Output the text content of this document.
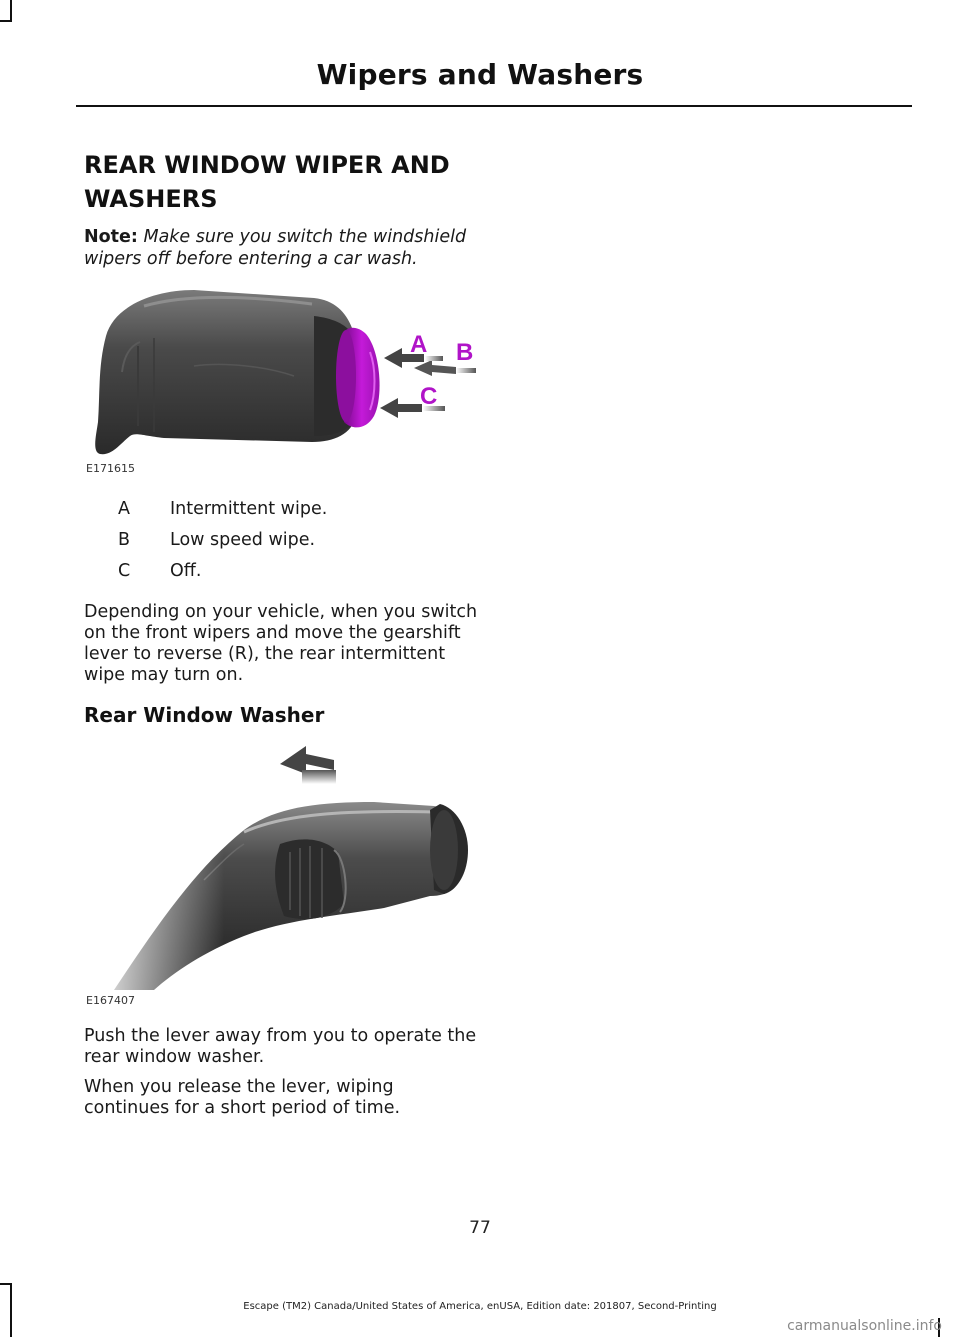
Wipers and Washers
REAR WINDOW WIPER AND
WASHERS
Note: Make sure you switch the windshield wipers off before entering a car wash.
A B
C
E171615
A	Intermittent wipe.
B	Low speed wipe.
C	Off.
Depending on your vehicle, when you switch on the front wipers and move the gearshift lever to reverse (R), the rear intermittent wipe may turn on.
Rear Window Washer
E167407
Push the lever away from you to operate the rear window washer.
When you release the lever, wiping continues for a short period of time.
77
Escape (TM2) Canada/United States of America, enUSA, Edition date: 201807, Second-Printing
carmanualsonline.info
